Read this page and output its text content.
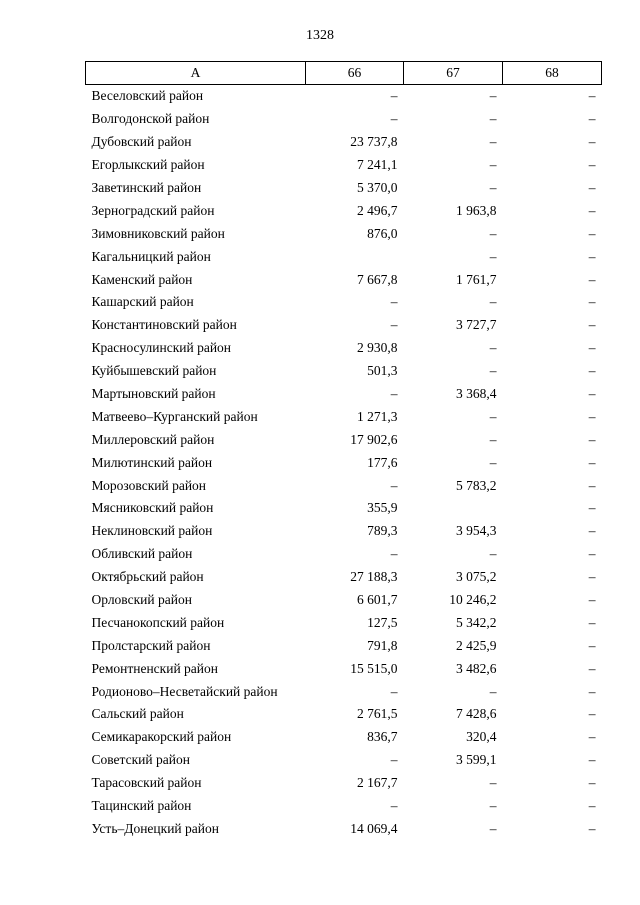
1328
А	66	67	68
Веселовский район	–	–	–
Волгодонской район	–	–	–
Дубовский район	23 737,8	–	–
Егорлыкский район	7 241,1	–	–
Заветинский район	5 370,0	–	–
Зерноградский район	2 496,7	1 963,8	–
Зимовниковский район	876,0	–	–
Кагальницкий район		–	–
Каменский район	7 667,8	1 761,7	–
Кашарский район	–	–	–
Константиновский район	–	3 727,7	–
Красносулинский район	2 930,8	–	–
Куйбышевский район	501,3	–	–
Мартыновский район	–	3 368,4	–
Матвеево–Курганский район	1 271,3	–	–
Миллеровский район	17 902,6	–	–
Милютинский район	177,6	–	–
Морозовский район	–	5 783,2	–
Мясниковский район	355,9		–
Неклиновский район	789,3	3 954,3	–
Обливский район	–	–	–
Октябрьский район	27 188,3	3 075,2	–
Орловский район	6 601,7	10 246,2	–
Песчанокопский район	127,5	5 342,2	–
Пролстарский район	791,8	2 425,9	–
Ремонтненский район	15 515,0	3 482,6	–
Родионово–Несветайский район	–	–	–
Сальский район	2 761,5	7 428,6	–
Семикаракорский район	836,7	320,4	–
Советский район	–	3 599,1	–
Тарасовский район	2 167,7	–	–
Тацинский район	–	–	–
Усть–Донецкий район	14 069,4	–	–
